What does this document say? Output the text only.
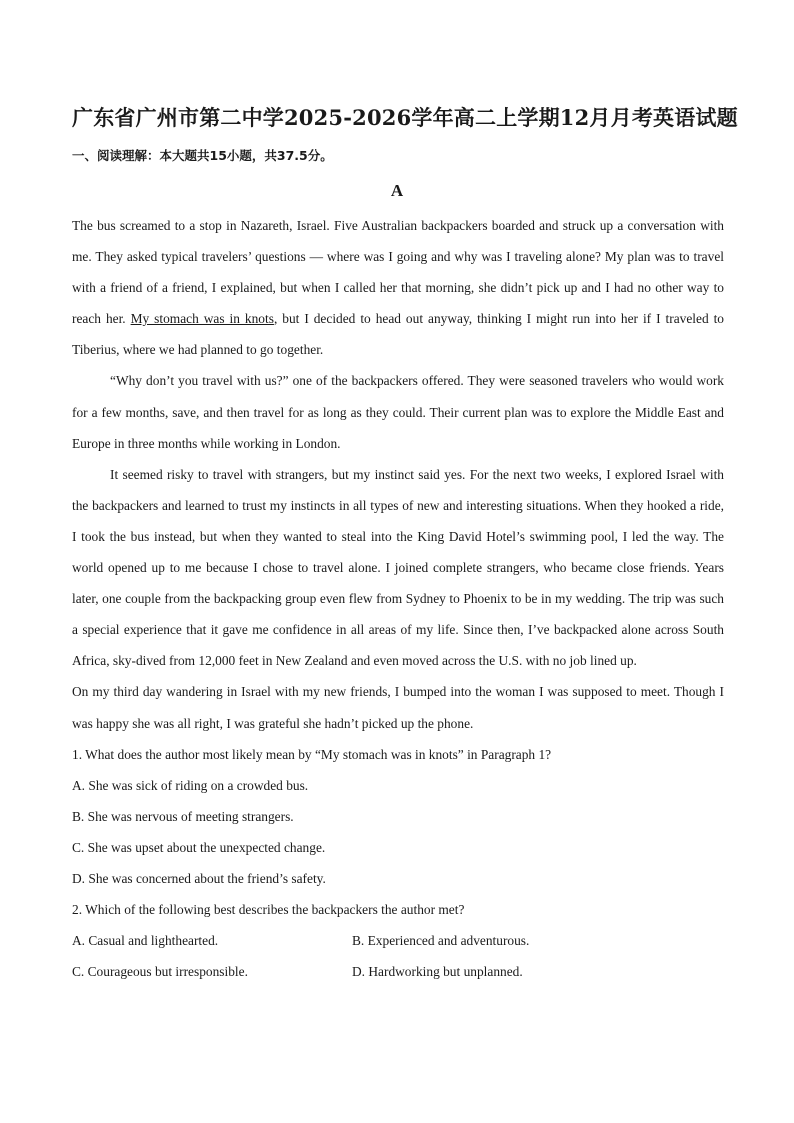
广东省广州市第二中学2025-2026学年高二上学期12月月考英语试题
一、阅读理解：本大题共15小题，共37.5分。
A

The bus screamed to a stop in Nazareth, Israel. Five Australian backpackers boarded and struck up a conversation with me. They asked typical travelers’ questions — where was I going and why was I traveling alone? My plan was to travel with a friend of a friend, I explained, but when I called her that morning, she didn’t pick up and I had no other way to reach her. My stomach was in knots, but I decided to head out anyway, thinking I might run into her if I traveled to Tiberius, where we had planned to go together.

“Why don’t you travel with us?” one of the backpackers offered. They were seasoned travelers who would work for a few months, save, and then travel for as long as they could. Their current plan was to explore the Middle East and Europe in three months while working in London.

It seemed risky to travel with strangers, but my instinct said yes. For the next two weeks, I explored Israel with the backpackers and learned to trust my instincts in all types of new and interesting situations. When they hooked a ride, I took the bus instead, but when they wanted to steal into the King David Hotel’s swimming pool, I led the way. The world opened up to me because I chose to travel alone. I joined complete strangers, who became close friends. Years later, one couple from the backpacking group even flew from Sydney to Phoenix to be in my wedding. The trip was such a special experience that it gave me confidence in all areas of my life. Since then, I’ve backpacked alone across South Africa, sky-dived from 12,000 feet in New Zealand and even moved across the U.S. with no job lined up.

On my third day wandering in Israel with my new friends, I bumped into the woman I was supposed to meet. Though I was happy she was all right, I was grateful she hadn’t picked up the phone.

1. What does the author most likely mean by “My stomach was in knots” in Paragraph 1?

A. She was sick of riding on a crowded bus.

B. She was nervous of meeting strangers.

C. She was upset about the unexpected change.

D. She was concerned about the friend’s safety.

2. Which of the following best describes the backpackers the author met?

A. Casual and lighthearted.	B. Experienced and adventurous.
C. Courageous but irresponsible.	D. Hardworking but unplanned.
